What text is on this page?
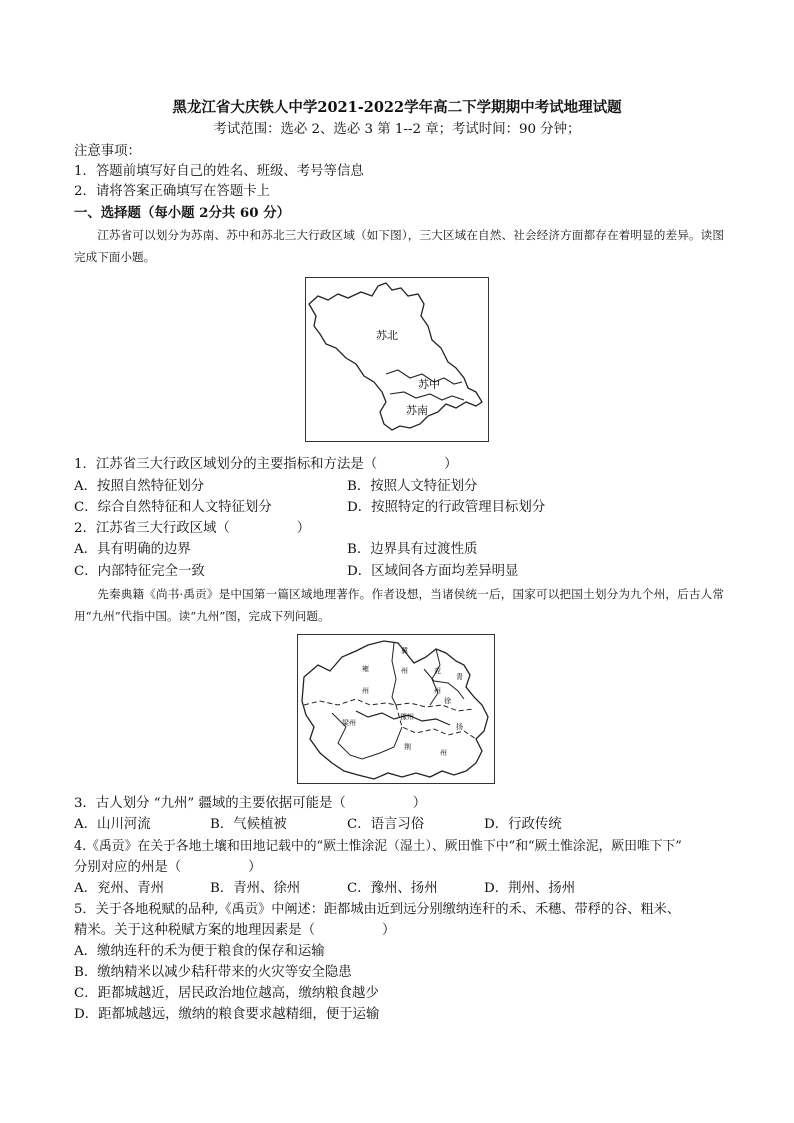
黑龙江省大庆铁人中学2021-2022学年高二下学期期中考试地理试题
考试范围：选必 2、选必 3 第 1--2 章；考试时间：90 分钟；
注意事项：
1．答题前填写好自己的姓名、班级、考号等信息
2．请将答案正确填写在答题卡上
一、选择题（每小题 2分共 60 分）
江苏省可以划分为苏南、苏中和苏北三大行政区域（如下图），三大区域在自然、社会经济方面都存在着明显的差异。读图完成下面小题。
苏北
苏中
苏南
1．江苏省三大行政区域划分的主要指标和方法是（　　　　　）
A．按照自然特征划分	B．按照人文特征划分
C．综合自然特征和人文特征划分	D．按照特定的行政管理目标划分
2．江苏省三大行政区域（　　　　　）
A．具有明确的边界	B．边界具有过渡性质
C．内部特征完全一致	D．区域间各方面均差异明显
先秦典籍《尚书·禹贡》是中国第一篇区域地理著作。作者设想，当诸侯统一后，国家可以把国土划分为九个州，后古人常用“九州”代指中国。读“九州”图，完成下列问题。
冀
州
雍
州
兖
州
青
徐
豫州
梁州	扬
荆
州
3．古人划分 “九州” 疆域的主要依据可能是（　　　　　）
A．山川河流	B．气候植被	C．语言习俗	D．行政传统
4.《禹贡》在关于各地土壤和田地记载中的“厥土惟涂泥（湿土）、厥田惟下中”和“厥土惟涂泥，厥田唯下下”
分别对应的州是（　　　　　）
A．兖州、青州	B．青州、徐州	C．豫州、扬州	D．荆州、扬州
5．关于各地税赋的品种,《禹贡》中阐述：距都城由近到远分别缴纳连秆的禾、禾穗、带稃的谷、粗米、
精米。关于这种税赋方案的地理因素是（　　　　　）
A．缴纳连秆的禾为便于粮食的保存和运输
B．缴纳精米以减少秸秆带来的火灾等安全隐患
C．距都城越近，居民政治地位越高，缴纳粮食越少
D．距都城越远，缴纳的粮食要求越精细，便于运输
